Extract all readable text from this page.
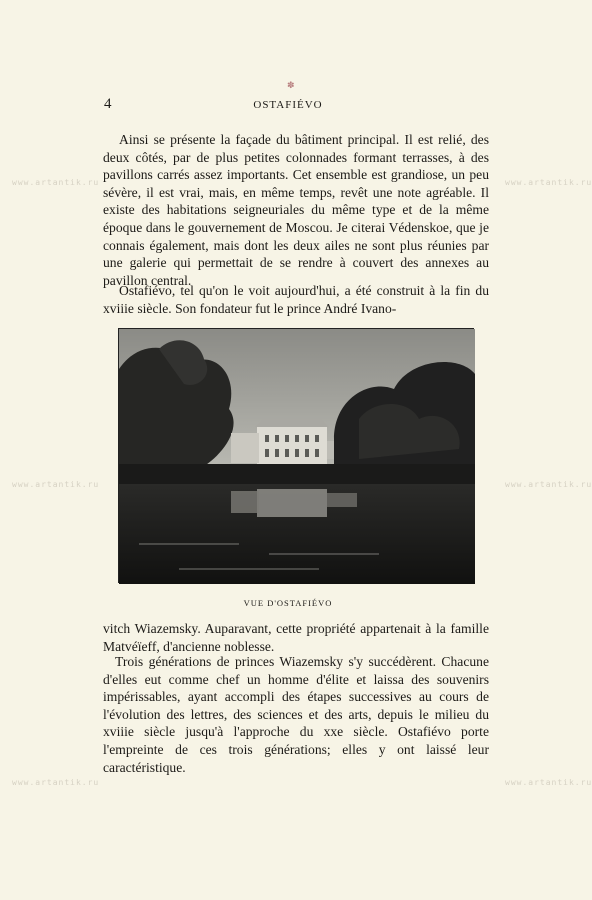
✽
4	OSTAFIÉVO

Ainsi se présente la façade du bâtiment principal. Il est relié, des deux côtés, par de plus petites colonnades formant terrasses, à des pavillons carrés assez importants. Cet ensemble est grandiose, un peu sévère, il est vrai, mais, en même temps, revêt une note agréable. Il existe des habitations seigneuriales du même type et de la même époque dans le gouvernement de Moscou. Je citerai Védenskoe, que je connais également, mais dont les deux ailes ne sont plus réunies par une galerie qui permettait de se rendre à couvert des annexes au pavillon central.

Ostafiévo, tel qu'on le voit aujourd'hui, a été construit à la fin du xviiie siècle. Son fondateur fut le prince André Ivano-

VUE D'OSTAFIÉVO

vitch Wiazemsky. Auparavant, cette propriété appartenait à la famille Matvéïeff, d'ancienne noblesse.

Trois générations de princes Wiazemsky s'y succédèrent. Chacune d'elles eut comme chef un homme d'élite et laissa des souvenirs impérissables, ayant accompli des étapes successives au cours de l'évolution des lettres, des sciences et des arts, depuis le milieu du xviiie siècle jusqu'à l'approche du xxe siècle. Ostafiévo porte l'empreinte de ces trois générations; elles y ont laissé leur caractéristique.

www.artantik.ru	www.artantik.ru
www.artantik.ru	www.artantik.ru
www.artantik.ru	www.artantik.ru
